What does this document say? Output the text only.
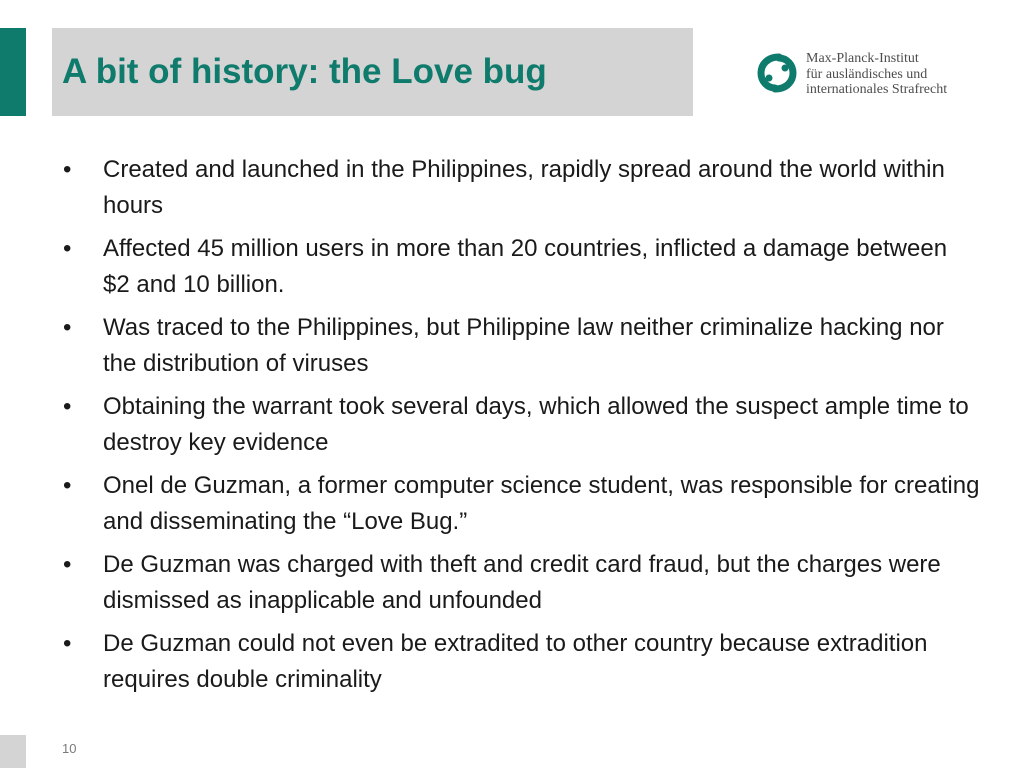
A bit of history: the Love bug	Max-Planck-Institut
für ausländisches und
internationales Strafrecht
• Created and launched in the Philippines, rapidly spread around the world within hours
• Affected 45 million users in more than 20 countries, inflicted a damage between $2 and 10 billion.
• Was traced to the Philippines, but Philippine law neither criminalize hacking nor the distribution of viruses
• Obtaining the warrant took several days, which allowed the suspect ample time to destroy key evidence
• Onel de Guzman, a former computer science student, was responsible for creating and disseminating the “Love Bug.”
• De Guzman was charged with theft and credit card fraud, but the charges were dismissed as inapplicable and unfounded
• De Guzman could not even be extradited to other country because extradition requires double criminality
10
